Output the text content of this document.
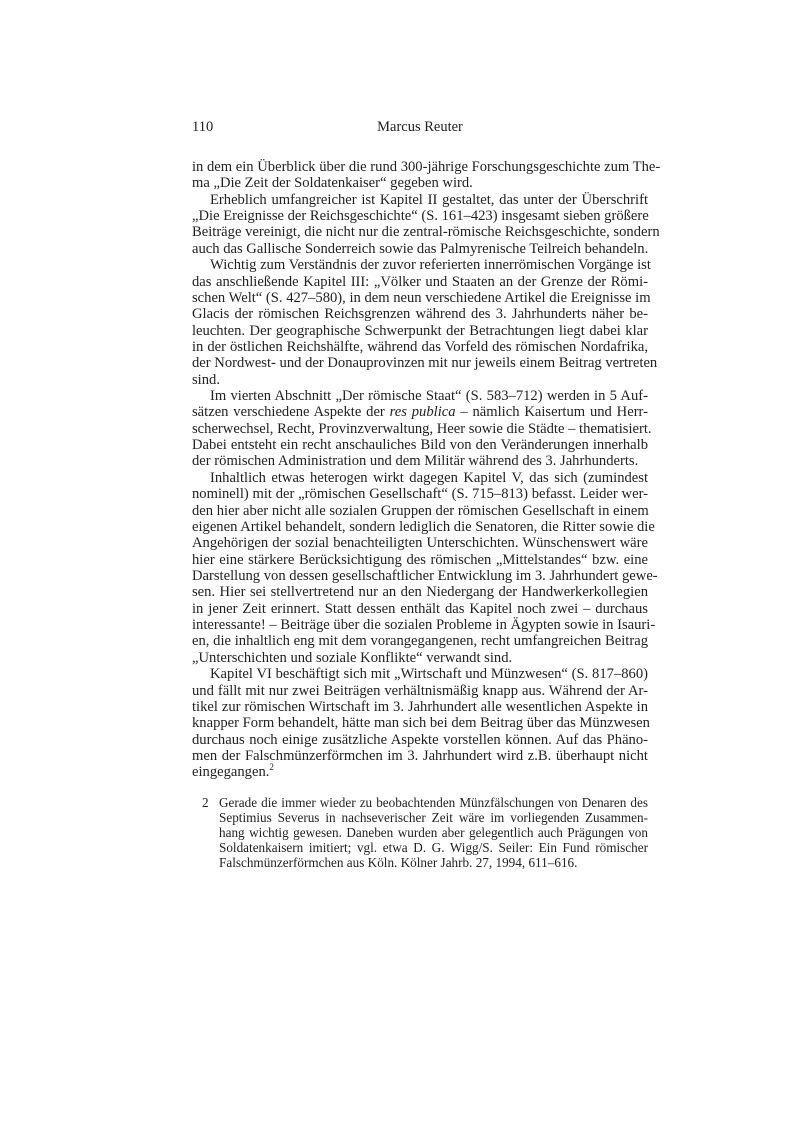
110	Marcus Reuter
in dem ein Überblick über die rund 300-jährige Forschungsgeschichte zum The-
ma „Die Zeit der Soldatenkaiser“ gegeben wird.
Erheblich umfangreicher ist Kapitel II gestaltet, das unter der Überschrift
„Die Ereignisse der Reichsgeschichte“ (S. 161–423) insgesamt sieben größere
Beiträge vereinigt, die nicht nur die zentral-römische Reichsgeschichte, sondern
auch das Gallische Sonderreich sowie das Palmyrenische Teilreich behandeln.
Wichtig zum Verständnis der zuvor referierten innerrömischen Vorgänge ist
das anschließende Kapitel III: „Völker und Staaten an der Grenze der Römi-
schen Welt“ (S. 427–580), in dem neun verschiedene Artikel die Ereignisse im
Glacis der römischen Reichsgrenzen während des 3. Jahrhunderts näher be-
leuchten. Der geographische Schwerpunkt der Betrachtungen liegt dabei klar
in der östlichen Reichshälfte, während das Vorfeld des römischen Nordafrika,
der Nordwest- und der Donauprovinzen mit nur jeweils einem Beitrag vertreten
sind.
Im vierten Abschnitt „Der römische Staat“ (S. 583–712) werden in 5 Auf-
sätzen verschiedene Aspekte der res publica – nämlich Kaisertum und Herr-
scherwechsel, Recht, Provinzverwaltung, Heer sowie die Städte – thematisiert.
Dabei entsteht ein recht anschauliches Bild von den Veränderungen innerhalb
der römischen Administration und dem Militär während des 3. Jahrhunderts.
Inhaltlich etwas heterogen wirkt dagegen Kapitel V, das sich (zumindest
nominell) mit der „römischen Gesellschaft“ (S. 715–813) befasst. Leider wer-
den hier aber nicht alle sozialen Gruppen der römischen Gesellschaft in einem
eigenen Artikel behandelt, sondern lediglich die Senatoren, die Ritter sowie die
Angehörigen der sozial benachteiligten Unterschichten. Wünschenswert wäre
hier eine stärkere Berücksichtigung des römischen „Mittelstandes“ bzw. eine
Darstellung von dessen gesellschaftlicher Entwicklung im 3. Jahrhundert gewe-
sen. Hier sei stellvertretend nur an den Niedergang der Handwerkerkollegien
in jener Zeit erinnert. Statt dessen enthält das Kapitel noch zwei – durchaus
interessante! – Beiträge über die sozialen Probleme in Ägypten sowie in Isauri-
en, die inhaltlich eng mit dem vorangegangenen, recht umfangreichen Beitrag
„Unterschichten und soziale Konflikte“ verwandt sind.
Kapitel VI beschäftigt sich mit „Wirtschaft und Münzwesen“ (S. 817–860)
und fällt mit nur zwei Beiträgen verhältnismäßig knapp aus. Während der Ar-
tikel zur römischen Wirtschaft im 3. Jahrhundert alle wesentlichen Aspekte in
knapper Form behandelt, hätte man sich bei dem Beitrag über das Münzwesen
durchaus noch einige zusätzliche Aspekte vorstellen können. Auf das Phäno-
men der Falschmünzerförmchen im 3. Jahrhundert wird z.B. überhaupt nicht
eingegangen.$^2$
2 Gerade die immer wieder zu beobachtenden Münzfälschungen von Denaren des
Septimius Severus in nachseverischer Zeit wäre im vorliegenden Zusammen-
hang wichtig gewesen. Daneben wurden aber gelegentlich auch Prägungen von
Soldatenkaisern imitiert; vgl. etwa D. G. Wigg/S. Seiler: Ein Fund römischer
Falschmünzerförmchen aus Köln. Kölner Jahrb. 27, 1994, 611–616.
